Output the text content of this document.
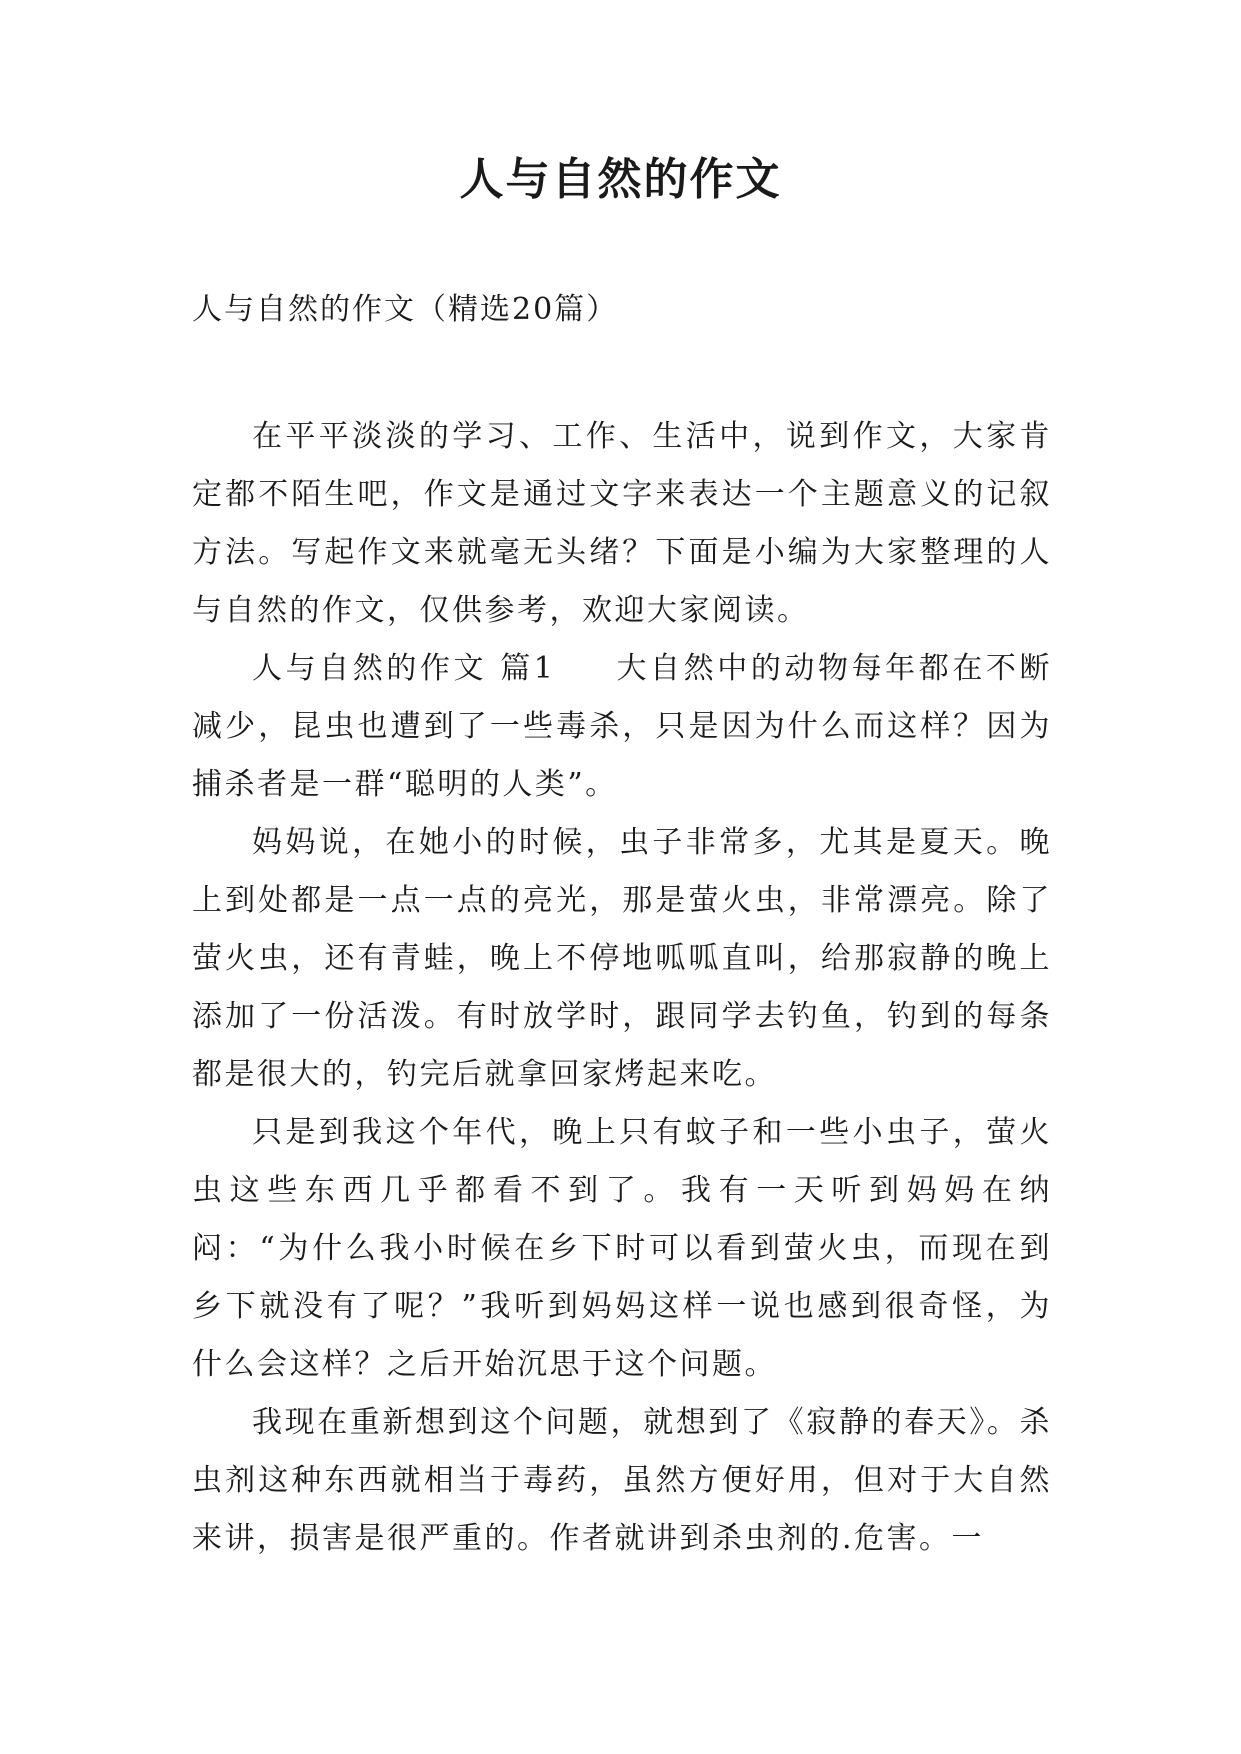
人与自然的作文

人与自然的作文（精选20篇）

在平平淡淡的学习、工作、生活中，说到作文，大家肯定都不陌生吧，作文是通过文字来表达一个主题意义的记叙方法。写起作文来就毫无头绪？下面是小编为大家整理的人与自然的作文，仅供参考，欢迎大家阅读。

人与自然的作文 篇1 大自然中的动物每年都在不断减少，昆虫也遭到了一些毒杀，只是因为什么而这样？因为捕杀者是一群“聪明的人类”。

妈妈说，在她小的时候，虫子非常多，尤其是夏天。晚上到处都是一点一点的亮光，那是萤火虫，非常漂亮。除了萤火虫，还有青蛙，晚上不停地呱呱直叫，给那寂静的晚上添加了一份活泼。有时放学时，跟同学去钓鱼，钓到的每条都是很大的，钓完后就拿回家烤起来吃。

只是到我这个年代，晚上只有蚊子和一些小虫子，萤火虫这些东西几乎都看不到了。我有一天听到妈妈在纳闷：“为什么我小时候在乡下时可以看到萤火虫，而现在到乡下就没有了呢？”我听到妈妈这样一说也感到很奇怪，为什么会这样？之后开始沉思于这个问题。

我现在重新想到这个问题，就想到了《寂静的春天》。杀虫剂这种东西就相当于毒药，虽然方便好用，但对于大自然来讲，损害是很严重的。作者就讲到杀虫剂的.危害。一
